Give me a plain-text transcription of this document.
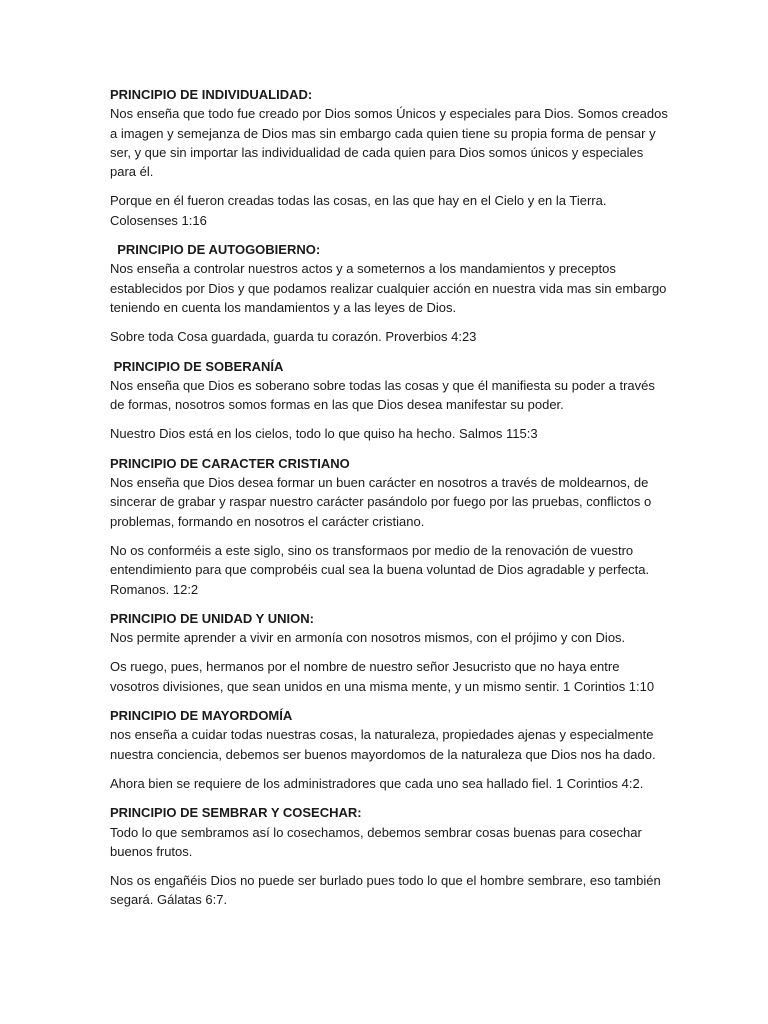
PRINCIPIO DE INDIVIDUALIDAD:
Nos enseña que todo fue creado por Dios somos Únicos y especiales para Dios. Somos creados a imagen y semejanza de Dios mas sin embargo cada quien tiene su propia forma de pensar y ser, y que sin importar las individualidad de cada quien para Dios somos únicos y especiales para él.
Porque en él fueron creadas todas las cosas, en las que hay en el Cielo y en la Tierra. Colosenses 1:16
PRINCIPIO DE AUTOGOBIERNO:
Nos enseña a controlar nuestros actos y a someternos a los mandamientos y preceptos establecidos por Dios y que podamos realizar cualquier acción en nuestra vida mas sin embargo teniendo en cuenta los mandamientos y a las leyes de Dios.
Sobre toda Cosa guardada, guarda tu corazón. Proverbios 4:23
PRINCIPIO DE SOBERANÍA
Nos enseña que Dios es soberano sobre todas las cosas y que él manifiesta su poder a través de formas, nosotros somos formas en las que Dios desea manifestar su poder.
Nuestro Dios está en los cielos, todo lo que quiso ha hecho. Salmos 115:3
PRINCIPIO DE CARACTER CRISTIANO
Nos enseña que Dios desea formar un buen carácter en nosotros a través de moldearnos, de sincerar de grabar y raspar nuestro carácter pasándolo por fuego por las pruebas, conflictos o problemas, formando en nosotros el carácter cristiano.
No os conforméis a este siglo, sino os transformaos por medio de la renovación de vuestro entendimiento para que comprobéis cual sea la buena voluntad de Dios agradable y perfecta. Romanos. 12:2
PRINCIPIO DE UNIDAD Y UNION:
Nos permite aprender a vivir en armonía con nosotros mismos, con el prójimo y con Dios.
Os ruego, pues, hermanos por el nombre de nuestro señor Jesucristo que no haya entre vosotros divisiones, que sean unidos en una misma mente, y un mismo sentir. 1 Corintios 1:10
PRINCIPIO DE MAYORDOMÍA
nos enseña a cuidar todas nuestras cosas, la naturaleza, propiedades ajenas y especialmente nuestra conciencia, debemos ser buenos mayordomos de la naturaleza que Dios nos ha dado.
Ahora bien se requiere de los administradores que cada uno sea hallado fiel. 1 Corintios 4:2.
PRINCIPIO DE SEMBRAR Y COSECHAR:
Todo lo que sembramos así lo cosechamos, debemos sembrar cosas buenas para cosechar buenos frutos.
Nos os engañéis Dios no puede ser burlado pues todo lo que el hombre sembrare, eso también segará. Gálatas 6:7.
